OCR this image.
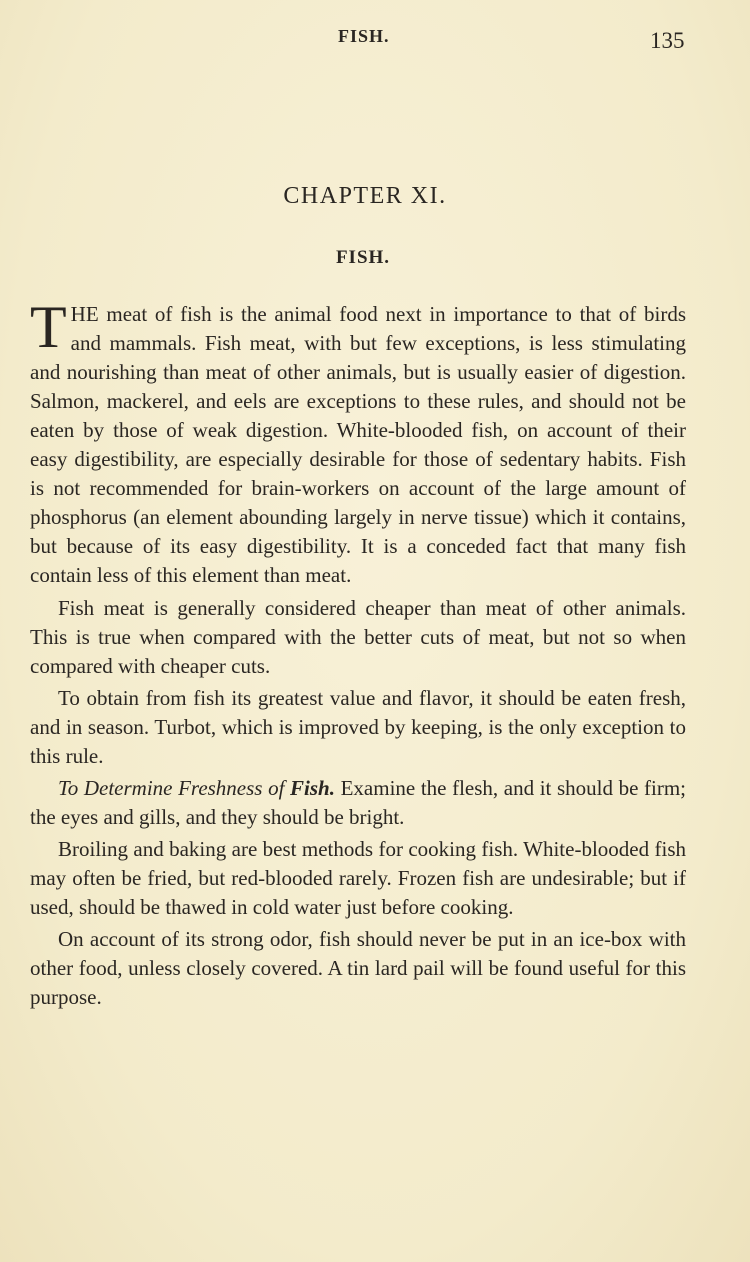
FISH.	135
CHAPTER XI.
FISH.

THE meat of fish is the animal food next in importance to that of birds and mammals. Fish meat, with but few exceptions, is less stimulating and nourishing than meat of other animals, but is usually easier of digestion. Salmon, mackerel, and eels are exceptions to these rules, and should not be eaten by those of weak digestion. White-blooded fish, on account of their easy digestibility, are especially desirable for those of sedentary habits. Fish is not recommended for brain-workers on account of the large amount of phosphorus (an element abounding largely in nerve tissue) which it contains, but because of its easy digestibility. It is a conceded fact that many fish contain less of this element than meat.

Fish meat is generally considered cheaper than meat of other animals. This is true when compared with the better cuts of meat, but not so when compared with cheaper cuts.

To obtain from fish its greatest value and flavor, it should be eaten fresh, and in season. Turbot, which is improved by keeping, is the only exception to this rule.

To Determine Freshness of Fish. Examine the flesh, and it should be firm; the eyes and gills, and they should be bright.

Broiling and baking are best methods for cooking fish. White-blooded fish may often be fried, but red-blooded rarely. Frozen fish are undesirable; but if used, should be thawed in cold water just before cooking.

On account of its strong odor, fish should never be put in an ice-box with other food, unless closely covered. A tin lard pail will be found useful for this purpose.
